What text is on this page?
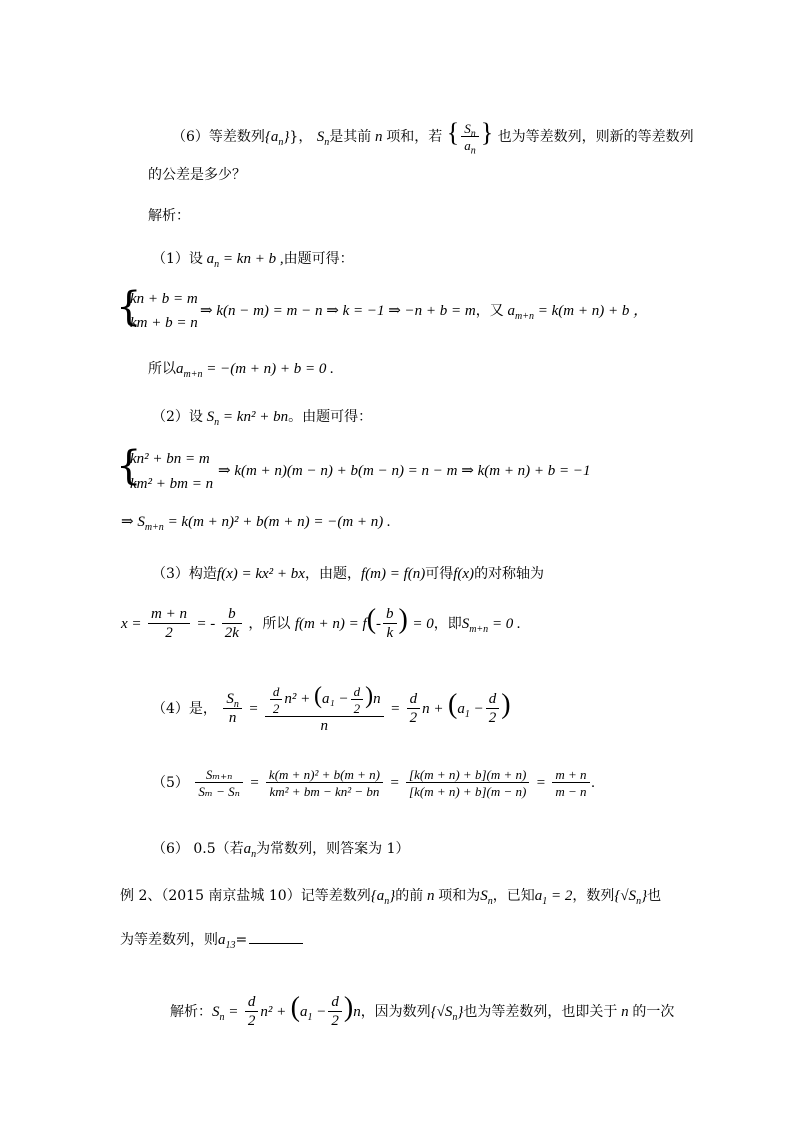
（6）等差数列$\{a_n\}$}， $S_n$是其前 n 项和，若 { $\frac{S_n}{a_n}$ } 也为等差数列，则新的等差数列
的公差是多少？
解析：
（1）设 $a_n$ = kn + b ,由题可得：
{
kn + b = m
km + b = n
⇒ k(n − m) = m − n ⇒ k = −1 ⇒ −n + b = m，又 $a_{m+n} = k(m + n) + b$ ，
所以$a_{m+n} = -(m + n) + b = 0$ .
（2）设 $S_n = kn^2$ + bn。由题可得：
{
kn² + bn = m
km² + bm = n
⇒ k(m + n)(m − n) + b(m − n) = n − m ⇒ k(m + n) + b = −1
⇒ $S_{m+n} = k(m + n)^2 + b(m + n) = -(m + n)$ .
（3）构造f(x) = kx² + bx，由题，f(m) = f(n)可得f(x)的对称轴为
$x = \frac{m + n}{2}$ = - $\frac{b}{2k}$ ，所以 $f(m + n) = f(- \frac{b}{k}$ ) = 0，即$S_{m+n} = 0$ .
（4）是， $\frac{S_n}{n} = \frac{\frac{d}{2} n^2 + (a_1 - \frac{d}{2} )n}{n} = \frac{d}{2}$ $n + (a_1 - \frac{d}{2}$ )
$(5) \frac{\text{Sₘ₊ₙ}}{\text{Sₘ − Sₙ}} = \frac{\text{k(m + n)² + b(m + n)}}{\text{km² + bm − kn² − bn}} = \frac{[k(m + n) + b](m + n)}{[k(m + n) + b](m - n)} = \frac{m + n}{m - n}$ .
（6） 0.5（若$a_n$为常数列，则答案为 1）
例 2、（2015 南京盐城 10）记等差数列$\{a_n\}$的前 n 项和为$S_n$，已知$a_1 = 2$，数列$\{√S_n\}$也
为等差数列，则$a_{13}=$
解析：$S_n = \frac{d}{2} n^2 + (a_1 - \frac{d}{2} )n$，因为数列$\{√S_n\}$也为等差数列，也即关于 n 的一次
